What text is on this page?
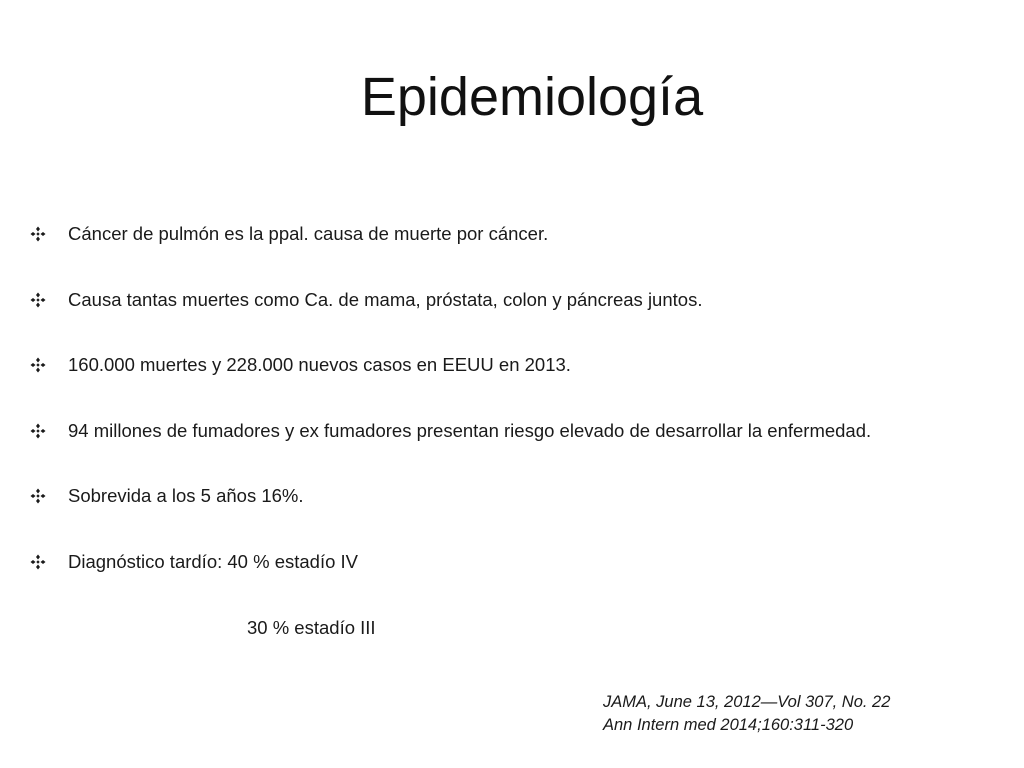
Epidemiología
Cáncer de pulmón es la ppal. causa de muerte por cáncer.
Causa tantas muertes como Ca. de mama, próstata, colon y páncreas juntos.
160.000 muertes y 228.000 nuevos casos en EEUU en 2013.
94 millones de fumadores y ex fumadores presentan riesgo elevado de desarrollar la enfermedad.
Sobrevida a los 5 años 16%.
Diagnóstico tardío: 40 % estadío IV
30 % estadío III
JAMA, June 13, 2012—Vol 307, No. 22
Ann Intern med 2014;160:311-320
